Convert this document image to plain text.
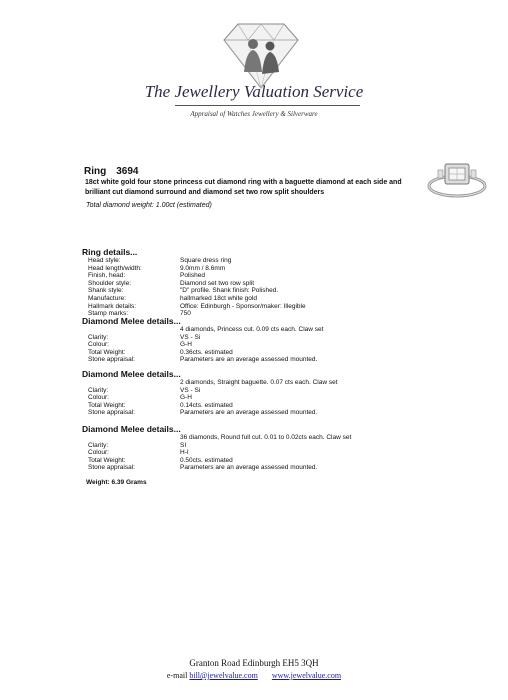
The Jewellery Valuation Service
Appraisal of Watches Jewellery & Silverware
Ring 3694
18ct white gold four stone princess cut diamond ring with a baguette diamond at each side and brilliant cut diamond surround and diamond set two row split shoulders
Total diamond weight: 1.00ct (estimated)
Ring details...
Head style:	Square dress ring
Head length/width:	9.0mm / 8.6mm
Finish, head:	Polished
Shoulder style:	Diamond set two row split
Shank style:	"D" profile. Shank finish: Polished.
Manufacture:	hallmarked 18ct white gold
Hallmark details:	Office: Edinburgh - Sponsor/maker: Illegible
Stamp marks:	750
Diamond Melee details...
4 diamonds, Princess cut. 0.09 cts each. Claw set
Clarity:	VS - Si
Colour:	G-H
Total Weight:	0.36cts. estimated
Stone appraisal:	Parameters are an average assessed mounted.
Diamond Melee details...
2 diamonds, Straight baguette. 0.07 cts each. Claw set
Clarity:	VS - Si
Colour:	G-H
Total Weight:	0.14cts. estimated
Stone appraisal:	Parameters are an average assessed mounted.
Diamond Melee details...
36 diamonds, Round full cut. 0.01 to 0.02cts each. Claw set
Clarity:	SI
Colour:	H-I
Total Weight:	0.50cts. estimated
Stone appraisal:	Parameters are an average assessed mounted.
Weight: 6.39 Grams
Granton Road Edinburgh EH5 3QH
e-mail bill@jewelvalue.com www.jewelvalue.com
